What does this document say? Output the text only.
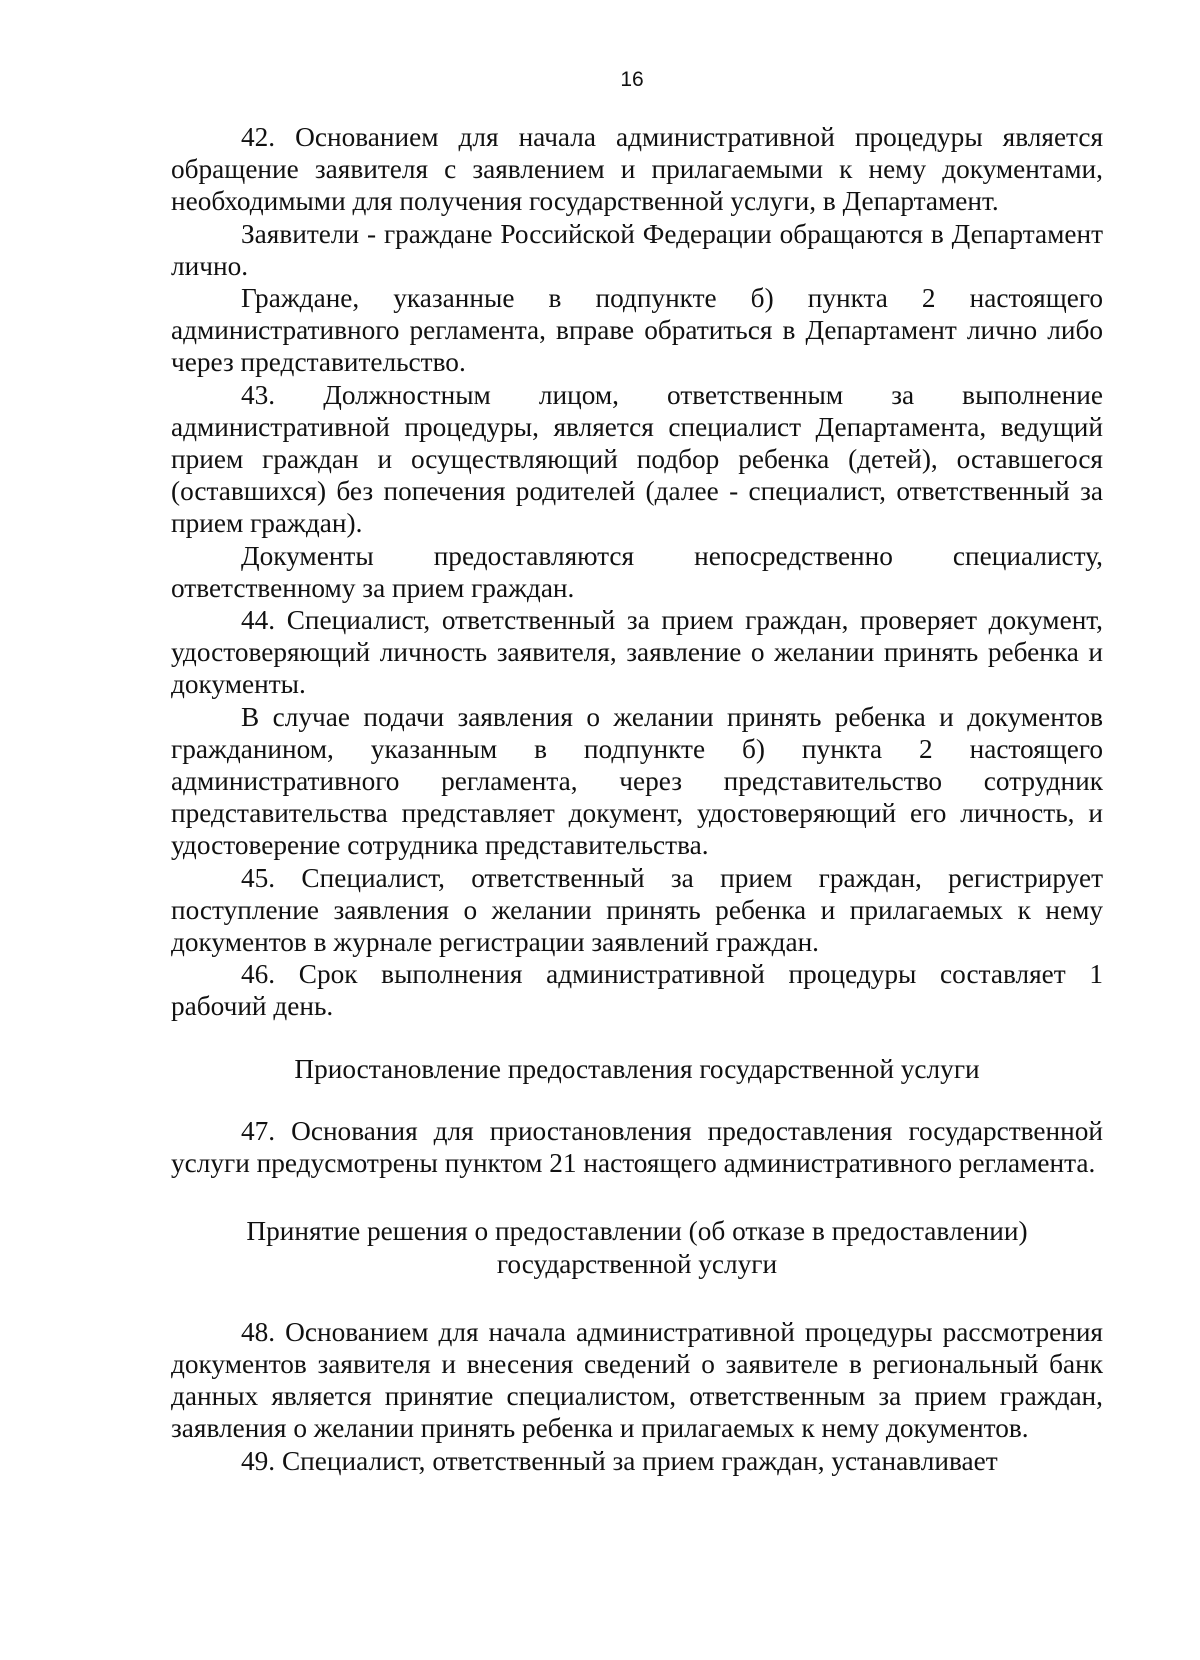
16

42. Основанием для начала административной процедуры является обращение заявителя с заявлением и прилагаемыми к нему документами, необходимыми для получения государственной услуги, в Департамент.

Заявители - граждане Российской Федерации обращаются в Департамент лично.

Граждане, указанные в подпункте б) пункта 2 настоящего административного регламента, вправе обратиться в Департамент лично либо через представительство.

43. Должностным лицом, ответственным за выполнение административной процедуры, является специалист Департамента, ведущий прием граждан и осуществляющий подбор ребенка (детей), оставшегося (оставшихся) без попечения родителей (далее - специалист, ответственный за прием граждан).

Документы предоставляются непосредственно специалисту, ответственному за прием граждан.

44. Специалист, ответственный за прием граждан, проверяет документ, удостоверяющий личность заявителя, заявление о желании принять ребенка и документы.

В случае подачи заявления о желании принять ребенка и документов гражданином, указанным в подпункте б) пункта 2 настоящего административного регламента, через представительство сотрудник представительства представляет документ, удостоверяющий его личность, и удостоверение сотрудника представительства.

45. Специалист, ответственный за прием граждан, регистрирует поступление заявления о желании принять ребенка и прилагаемых к нему документов в журнале регистрации заявлений граждан.

46. Срок выполнения административной процедуры составляет 1 рабочий день.

Приостановление предоставления государственной услуги

47. Основания для приостановления предоставления государственной услуги предусмотрены пунктом 21 настоящего административного регламента.

Принятие решения о предоставлении (об отказе в предоставлении)

государственной услуги

48. Основанием для начала административной процедуры рассмотрения документов заявителя и внесения сведений о заявителе в региональный банк данных является принятие специалистом, ответственным за прием граждан, заявления о желании принять ребенка и прилагаемых к нему документов.

49. Специалист, ответственный за прием граждан, устанавливает
